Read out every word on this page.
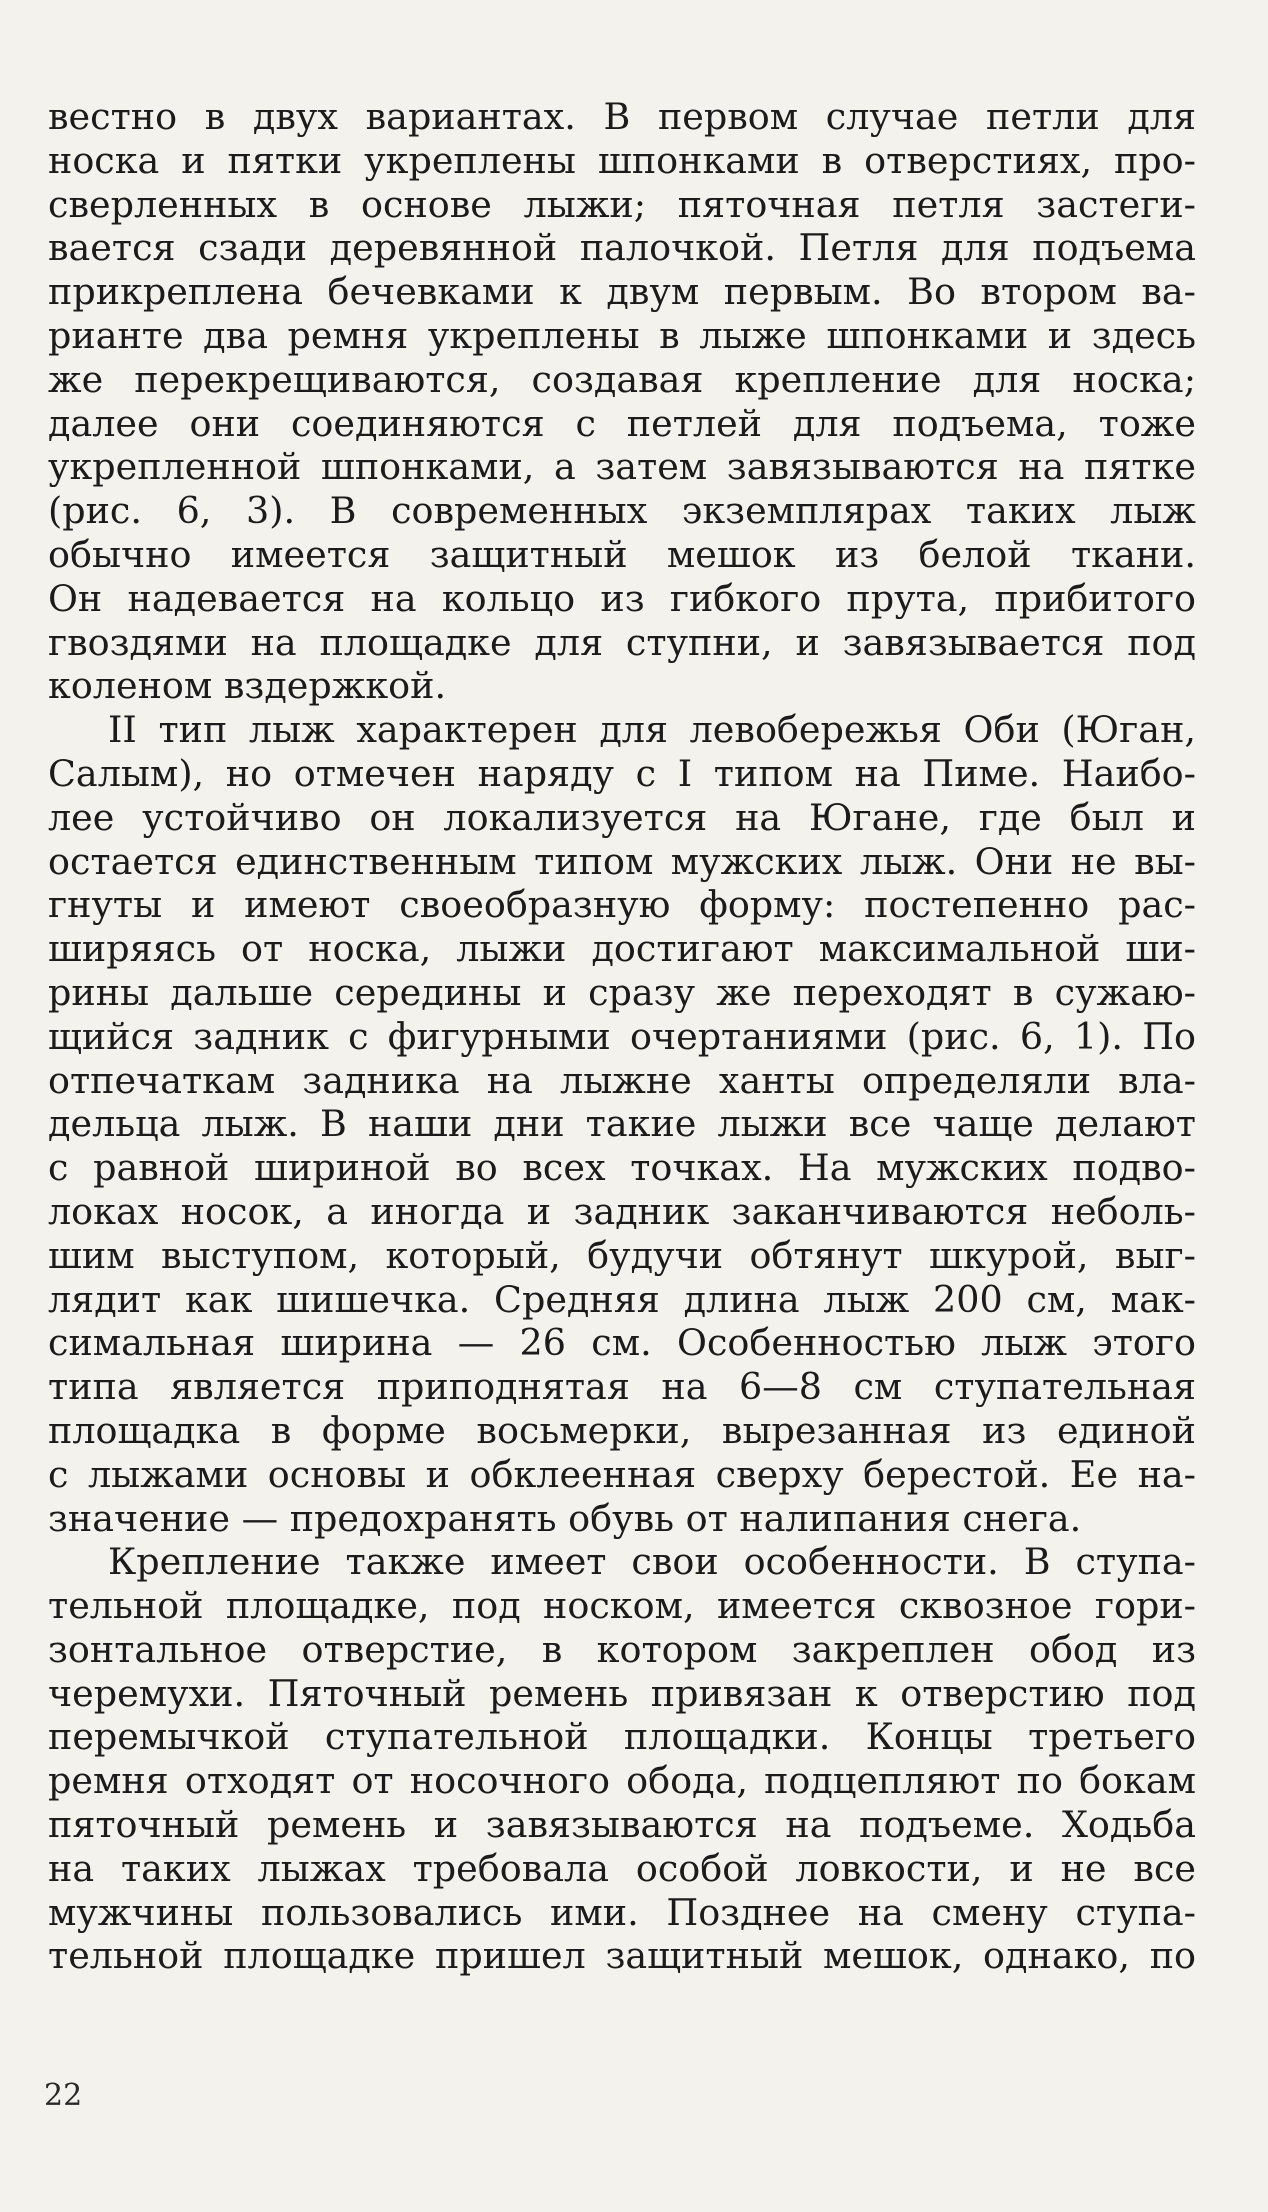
вестно в двух вариантах. В первом случае петли для
носка и пятки укреплены шпонками в отверстиях, про-
сверленных в основе лыжи; пяточная петля застеги-
вается сзади деревянной палочкой. Петля для подъема
прикреплена бечевками к двум первым. Во втором ва-
рианте два ремня укреплены в лыже шпонками и здесь
же перекрещиваются, создавая крепление для носка;
далее они соединяются с петлей для подъема, тоже
укрепленной шпонками, а затем завязываются на пятке
(рис. 6, 3). В современных экземплярах таких лыж
обычно имеется защитный мешок из белой ткани.
Он надевается на кольцо из гибкого прута, прибитого
гвоздями на площадке для ступни, и завязывается под
коленом вздержкой.
II тип лыж характерен для левобережья Оби (Юган,
Салым), но отмечен наряду с I типом на Пиме. Наибо-
лее устойчиво он локализуется на Югане, где был и
остается единственным типом мужских лыж. Они не вы-
гнуты и имеют своеобразную форму: постепенно рас-
ширяясь от носка, лыжи достигают максимальной ши-
рины дальше середины и сразу же переходят в сужаю-
щийся задник с фигурными очертаниями (рис. 6, 1). По
отпечаткам задника на лыжне ханты определяли вла-
дельца лыж. В наши дни такие лыжи все чаще делают
с равной шириной во всех точках. На мужских подво-
локах носок, а иногда и задник заканчиваются неболь-
шим выступом, который, будучи обтянут шкурой, выг-
лядит как шишечка. Средняя длина лыж 200 см, мак-
симальная ширина — 26 см. Особенностью лыж этого
типа является приподнятая на 6—8 см ступательная
площадка в форме восьмерки, вырезанная из единой
с лыжами основы и обклеенная сверху берестой. Ее на-
значение — предохранять обувь от налипания снега.
Крепление также имеет свои особенности. В ступа-
тельной площадке, под носком, имеется сквозное гори-
зонтальное отверстие, в котором закреплен обод из
черемухи. Пяточный ремень привязан к отверстию под
перемычкой ступательной площадки. Концы третьего
ремня отходят от носочного обода, подцепляют по бокам
пяточный ремень и завязываются на подъеме. Ходьба
на таких лыжах требовала особой ловкости, и не все
мужчины пользовались ими. Позднее на смену ступа-
тельной площадке пришел защитный мешок, однако, по
22
